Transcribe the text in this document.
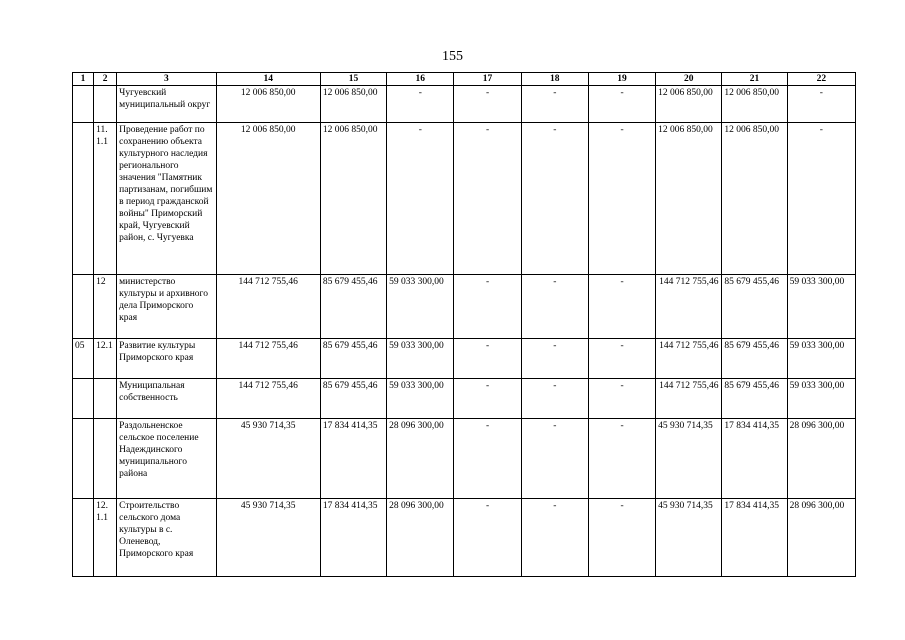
155
1	2	3	14	15	16	17	18	19	20	21	22
		Чугуевский муниципальный округ	12 006 850,00	12 006 850,00	-	-	-	-	12 006 850,00	12 006 850,00	-
	11.1.1	Проведение работ по сохранению объекта культурного наследия регионального значения "Памятник партизанам, погибшим в период гражданской войны" Приморский край, Чугуевский район, с. Чугуевка	12 006 850,00	12 006 850,00	-	-	-	-	12 006 850,00	12 006 850,00	-
	12	министерство культуры и архивного дела Приморского края	144 712 755,46	85 679 455,46	59 033 300,00	-	-	-	144 712 755,46	85 679 455,46	59 033 300,00
05	12.1	Развитие культуры Приморского края	144 712 755,46	85 679 455,46	59 033 300,00	-	-	-	144 712 755,46	85 679 455,46	59 033 300,00
		Муниципальная собственность	144 712 755,46	85 679 455,46	59 033 300,00	-	-	-	144 712 755,46	85 679 455,46	59 033 300,00
		Раздольненское сельское поселение Надеждинского муниципального района	45 930 714,35	17 834 414,35	28 096 300,00	-	-	-	45 930 714,35	17 834 414,35	28 096 300,00
	12.1.1	Строительство сельского дома культуры в с. Оленевод, Приморского края	45 930 714,35	17 834 414,35	28 096 300,00	-	-	-	45 930 714,35	17 834 414,35	28 096 300,00
